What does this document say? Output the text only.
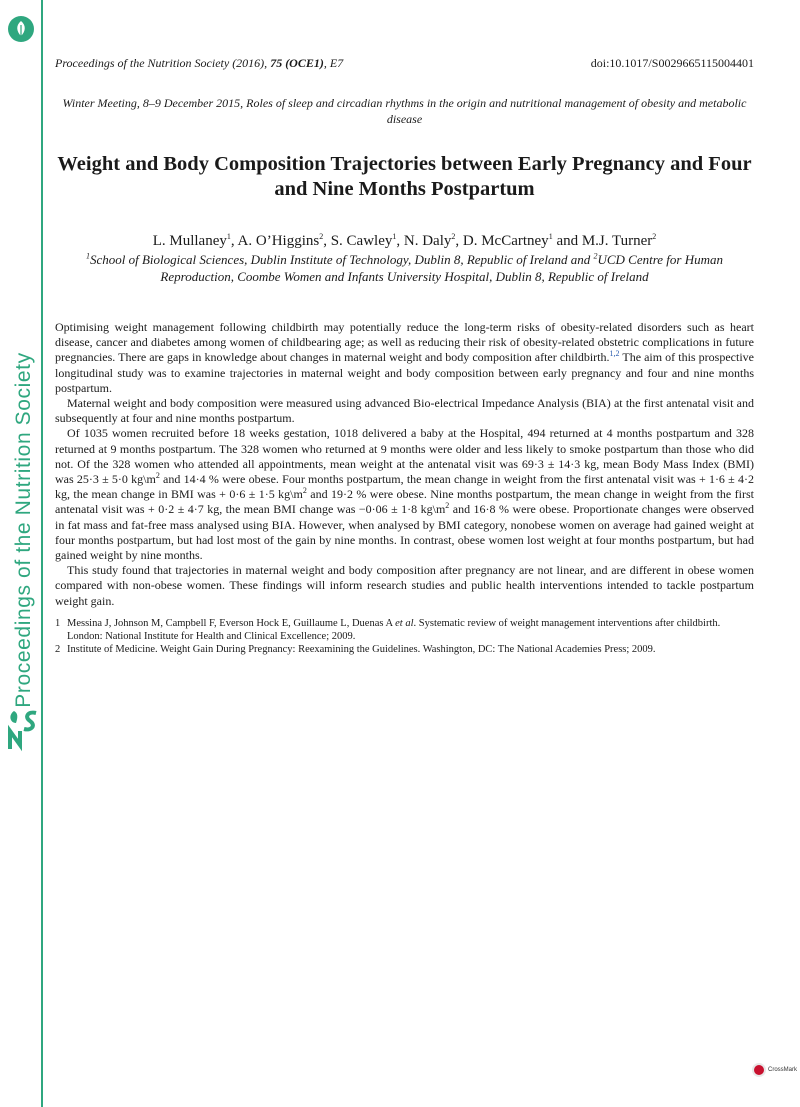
Proceedings of the Nutrition Society
Proceedings of the Nutrition Society (2016), 75 (OCE1), E7	doi:10.1017/S0029665115004401
Winter Meeting, 8–9 December 2015, Roles of sleep and circadian rhythms in the origin and nutritional management of obesity and metabolic disease
Weight and Body Composition Trajectories between Early Pregnancy and Four and Nine Months Postpartum
L. Mullaney$^1$, A. O’Higgins$^2$, S. Cawley$^1$, N. Daly$^2$, D. McCartney$^1$ and M.J. Turner$^2$
$^1$School of Biological Sciences, Dublin Institute of Technology, Dublin 8, Republic of Ireland and $^2$UCD Centre for Human Reproduction, Coombe Women and Infants University Hospital, Dublin 8, Republic of Ireland

Optimising weight management following childbirth may potentially reduce the long-term risks of obesity-related disorders such as heart disease, cancer and diabetes among women of childbearing age; as well as reducing their risk of obesity-related obstetric complications in future pregnancies. There are gaps in knowledge about changes in maternal weight and body composition after childbirth.$^{1,2}$ The aim of this prospective longitudinal study was to examine trajectories in maternal weight and body composition between early pregnancy and four and nine months postpartum.

Maternal weight and body composition were measured using advanced Bio-electrical Impedance Analysis (BIA) at the first antenatal visit and subsequently at four and nine months postpartum.

Of 1035 women recruited before 18 weeks gestation, 1018 delivered a baby at the Hospital, 494 returned at 4 months postpartum and 328 returned at 9 months postpartum. The 328 women who returned at 9 months were older and less likely to smoke postpartum than those who did not. Of the 328 women who attended all appointments, mean weight at the antenatal visit was 69·3 ± 14·3 kg, mean Body Mass Index (BMI) was 25·3 ± 5·0 $kg\backslash m^2$ and 14·4 % were obese. Four months postpartum, the mean change in weight from the first antenatal visit was + 1·6 ± 4·2 kg, the mean change in BMI was + 0·6 ± 1·5 $kg\backslash m^2$ and 19·2 % were obese. Nine months postpartum, the mean change in weight from the first antenatal visit was + 0·2 ± 4·7 kg, the mean BMI change was −0·06 ± 1·8 $kg\backslash m^2$ and 16·8 % were obese. Proportionate changes were observed in fat mass and fat-free mass analysed using BIA. However, when analysed by BMI category, nonobese women on average had gained weight at four months postpartum, but had lost most of the gain by nine months. In contrast, obese women lost weight at four months postpartum, but had gained weight by nine months.

This study found that trajectories in maternal weight and body composition after pregnancy are not linear, and are different in obese women compared with non-obese women. These findings will inform research studies and public health interventions intended to tackle postpartum weight gain.

1 Messina J, Johnson M, Campbell F, Everson Hock E, Guillaume L, Duenas A et al. Systematic review of weight management interventions after childbirth. London: National Institute for Health and Clinical Excellence; 2009.
2 Institute of Medicine. Weight Gain During Pregnancy: Reexamining the Guidelines. Washington, DC: The National Academies Press; 2009.
CrossMark
